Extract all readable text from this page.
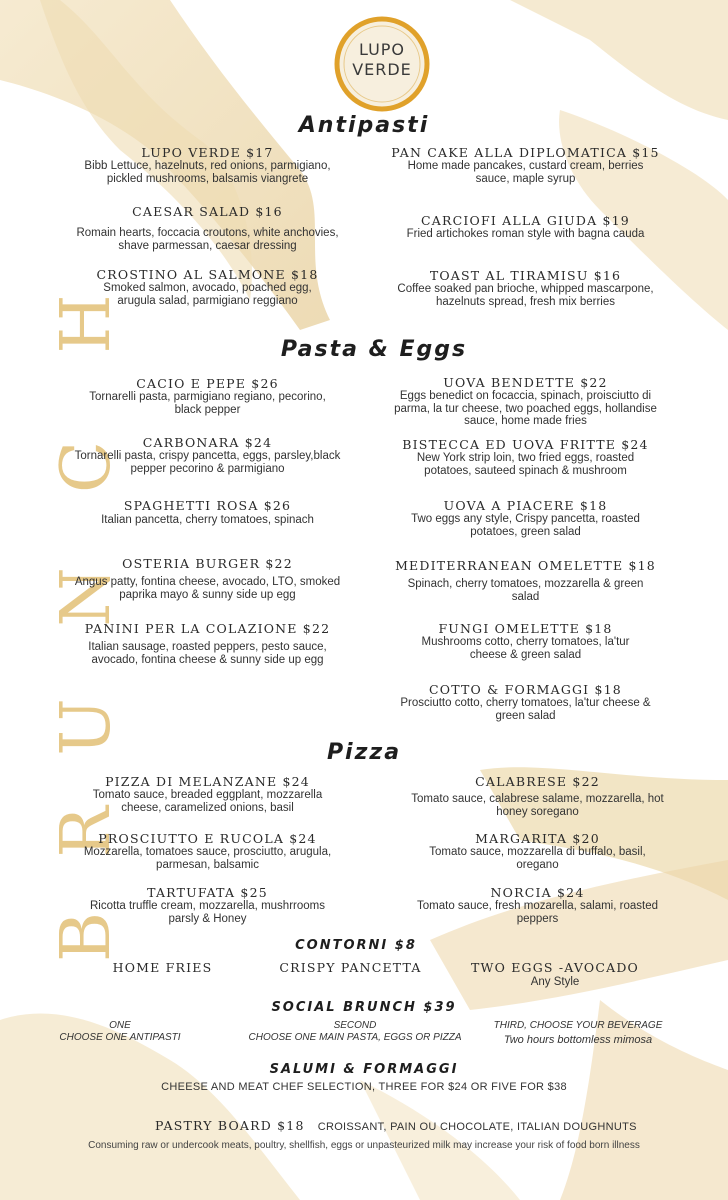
LUPO
VERDE
H
C
N
U
R
B
Antipasti
LUPO VERDE $17
Bibb Lettuce, hazelnuts, red onions, parmigiano, pickled mushrooms, balsamis viangrete
CAESAR SALAD $16
Romain hearts, foccacia croutons, white anchovies, shave parmessan, caesar dressing
CROSTINO AL SALMONE $18
Smoked salmon, avocado, poached egg, arugula salad, parmigiano reggiano
PAN CAKE ALLA DIPLOMATICA $15
Home made pancakes, custard cream, berries sauce, maple syrup
CARCIOFI ALLA GIUDA $19
Fried artichokes roman style with bagna cauda
TOAST AL TIRAMISU $16
Coffee soaked pan brioche, whipped mascarpone, hazelnuts spread, fresh mix berries
Pasta & Eggs
CACIO E PEPE $26
Tornarelli pasta, parmigiano regiano, pecorino, black pepper
CARBONARA $24
Tornarelli pasta, crispy pancetta, eggs, parsley,black pepper pecorino & parmigiano
SPAGHETTI ROSA $26
Italian pancetta, cherry tomatoes, spinach
OSTERIA BURGER $22
Angus patty, fontina cheese, avocado, LTO, smoked paprika mayo & sunny side up egg
PANINI PER LA COLAZIONE $22
Italian sausage, roasted peppers, pesto sauce, avocado, fontina cheese & sunny side up egg
UOVA BENDETTE $22
Eggs benedict on focaccia, spinach, proisciutto di parma, la tur cheese, two poached eggs, hollandise sauce, home made fries
BISTECCA ED UOVA FRITTE $24
New York strip loin, two fried eggs, roasted potatoes, sauteed spinach & mushroom
UOVA A PIACERE $18
Two eggs any style, Crispy pancetta, roasted potatoes, green salad
MEDITERRANEAN OMELETTE $18
Spinach, cherry tomatoes, mozzarella & green salad
FUNGI OMELETTE $18
Mushrooms cotto, cherry tomatoes, la'tur cheese & green salad
COTTO & FORMAGGI $18
Prosciutto cotto, cherry tomatoes, la'tur cheese & green salad
Pizza
PIZZA DI MELANZANE $24
Tomato sauce, breaded eggplant, mozzarella cheese, caramelized onions, basil
PROSCIUTTO E RUCOLA $24
Mozzarella, tomatoes sauce, prosciutto, arugula, parmesan, balsamic
TARTUFATA $25
Ricotta truffle cream, mozzarella, mushrrooms parsly & Honey
CALABRESE $22
Tomato sauce, calabrese salame, mozzarella, hot honey soregano
MARGARITA $20
Tomato sauce, mozzarella di buffalo, basil, oregano
NORCIA $24
Tomato sauce, fresh mozarella, salami, roasted peppers
CONTORNI $8
HOME FRIES	CRISPY PANCETTA	TWO EGGS -AVOCADO
Any Style
SOCIAL BRUNCH $39
ONE
CHOOSE ONE ANTIPASTI
SECOND
CHOOSE ONE MAIN PASTA, EGGS OR PIZZA
THIRD, CHOOSE YOUR BEVERAGE
Two hours bottomless mimosa
SALUMI & FORMAGGI
CHEESE AND MEAT CHEF SELECTION, THREE FOR $24 OR FIVE FOR $38
PASTRY BOARD $18 CROISSANT, PAIN OU CHOCOLATE, ITALIAN DOUGHNUTS
Consuming raw or undercook meats, poultry, shellfish, eggs or unpasteurized milk may increase your risk of food born illness
